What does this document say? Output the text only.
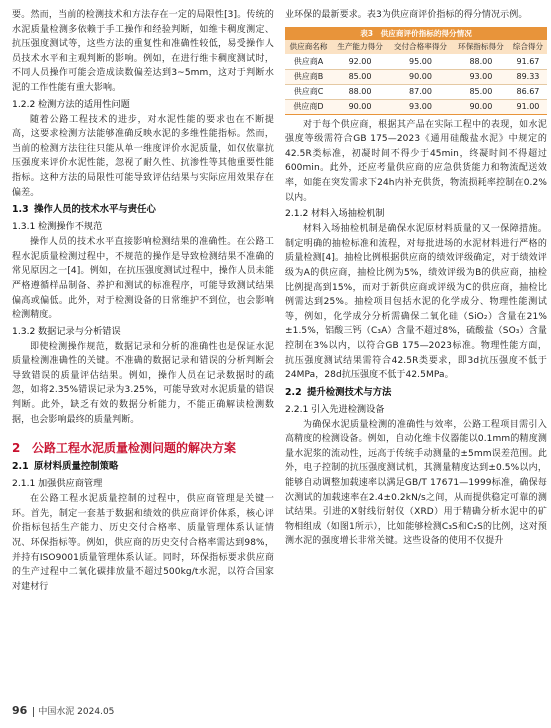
要。然而，当前的检测技术和方法存在一定的局限性[3]。传统的水泥质量检测多依赖于手工操作和经验判断，如维卡稠度测定、抗压强度测试等，这些方法的重复性和准确性较低，易受操作人员技术水平和主观判断的影响。例如，在进行维卡稠度测试时，不同人员操作可能会造成读数偏差达到3~5mm，这对于判断水泥的工作性能有重大影响。

1.2.2 检测方法的适用性问题

随着公路工程技术的进步，对水泥性能的要求也在不断提高，这要求检测方法能够准确反映水泥的多维性能指标。然而，当前的检测方法往往只能从单一维度评价水泥质量，如仅依靠抗压强度来评价水泥性能，忽视了耐久性、抗渗性等其他重要性能指标。这种方法的局限性可能导致评估结果与实际应用效果存在偏差。

1.3 操作人员的技术水平与责任心
1.3.1 检测操作不规范

操作人员的技术水平直接影响检测结果的准确性。在公路工程水泥质量检测过程中，不规范的操作是导致检测结果不准确的常见原因之一[4]。例如，在抗压强度测试过程中，操作人员未能严格遵循样品制备、养护和测试的标准程序，可能导致测试结果偏高或偏低。此外，对于检测设备的日常维护不到位，也会影响检测精度。

1.3.2 数据记录与分析错误

即使检测操作规范，数据记录和分析的准确性也是保证水泥质量检测准确性的关键。不准确的数据记录和错误的分析判断会导致错误的质量评估结果。例如，操作人员在记录数据时的疏忽，如将2.35%错误记录为3.25%，可能导致对水泥质量的错误判断。此外，缺乏有效的数据分析能力，不能正确解读检测数据，也会影响最终的质量判断。

2 公路工程水泥质量检测问题的解决方案
2.1 原材料质量控制策略
2.1.1 加强供应商管理

在公路工程水泥质量控制的过程中，供应商管理是关键一环。首先，制定一套基于数据和绩效的供应商评价体系，核心评价指标包括生产能力、历史交付合格率、质量管理体系认证情况、环保指标等。例如，供应商的历史交付合格率需达到98%，并持有ISO9001质量管理体系认证。同时，环保指标要求供应商的生产过程中二氧化碳排放量不超过500kg/t水泥，以符合国家对建材行

业环保的最新要求。表3为供应商评价指标的得分情况示例。

表3　供应商评价指标的得分情况
供应商名称	生产能力得分	交付合格率得分	环保指标得分	综合得分
供应商A	92.00	95.00	88.00	91.67
供应商B	85.00	90.00	93.00	89.33
供应商C	88.00	87.00	85.00	86.67
供应商D	90.00	93.00	90.00	91.00

对于每个供应商，根据其产品在实际工程中的表现，如水泥强度等级需符合GB 175—2023《通用硅酸盐水泥》中规定的42.5R类标准，初凝时间不得少于45min，终凝时间不得超过600min。此外，还应考量供应商的应急供货能力和物流配送效率，如能在突发需求下24h内补充供货，物流损耗率控制在0.2%以内。

2.1.2 材料入场抽检机制

材料入场抽检机制是确保水泥原材料质量的又一保障措施。制定明确的抽检标准和流程，对每批进场的水泥材料进行严格的质量检测[4]。抽检比例根据供应商的绩效评级确定，对于绩效评级为A的供应商，抽检比例为5%，绩效评级为B的供应商，抽检比例提高到15%，而对于新供应商或评级为C的供应商，抽检比例需达到25%。抽检项目包括水泥的化学成分、物理性能测试等，例如，化学成分分析需确保二氧化硅（SiO₂）含量在21%±1.5%，铝酸三钙（C₃A）含量不超过8%，硫酸盐（SO₃）含量控制在3%以内，以符合GB 175—2023标准。物理性能方面，抗压强度测试结果需符合42.5R类要求，即3d抗压强度不低于24MPa，28d抗压强度不低于42.5MPa。

2.2 提升检测技术与方法
2.2.1 引入先进检测设备

为确保水泥质量检测的准确性与效率，公路工程项目需引入高精度的检测设备。例如，自动化维卡仪器能以0.1mm的精度测量水泥浆的流动性，远高于传统手动测量的±5mm误差范围。此外，电子控制的抗压强度测试机，其测量精度达到±0.5%以内，能够自动调整加载速率以满足GB/T 17671—1999标准，确保每次测试的加载速率在2.4±0.2kN/s之间，从而提供稳定可靠的测试结果。引进的X射线衍射仪（XRD）用于精确分析水泥中的矿物相组成（如图1所示），比如能够检测C₃S和C₂S的比例，这对预测水泥的强度增长非常关键。这些设备的使用不仅提升

96 中国水泥 2024.05
